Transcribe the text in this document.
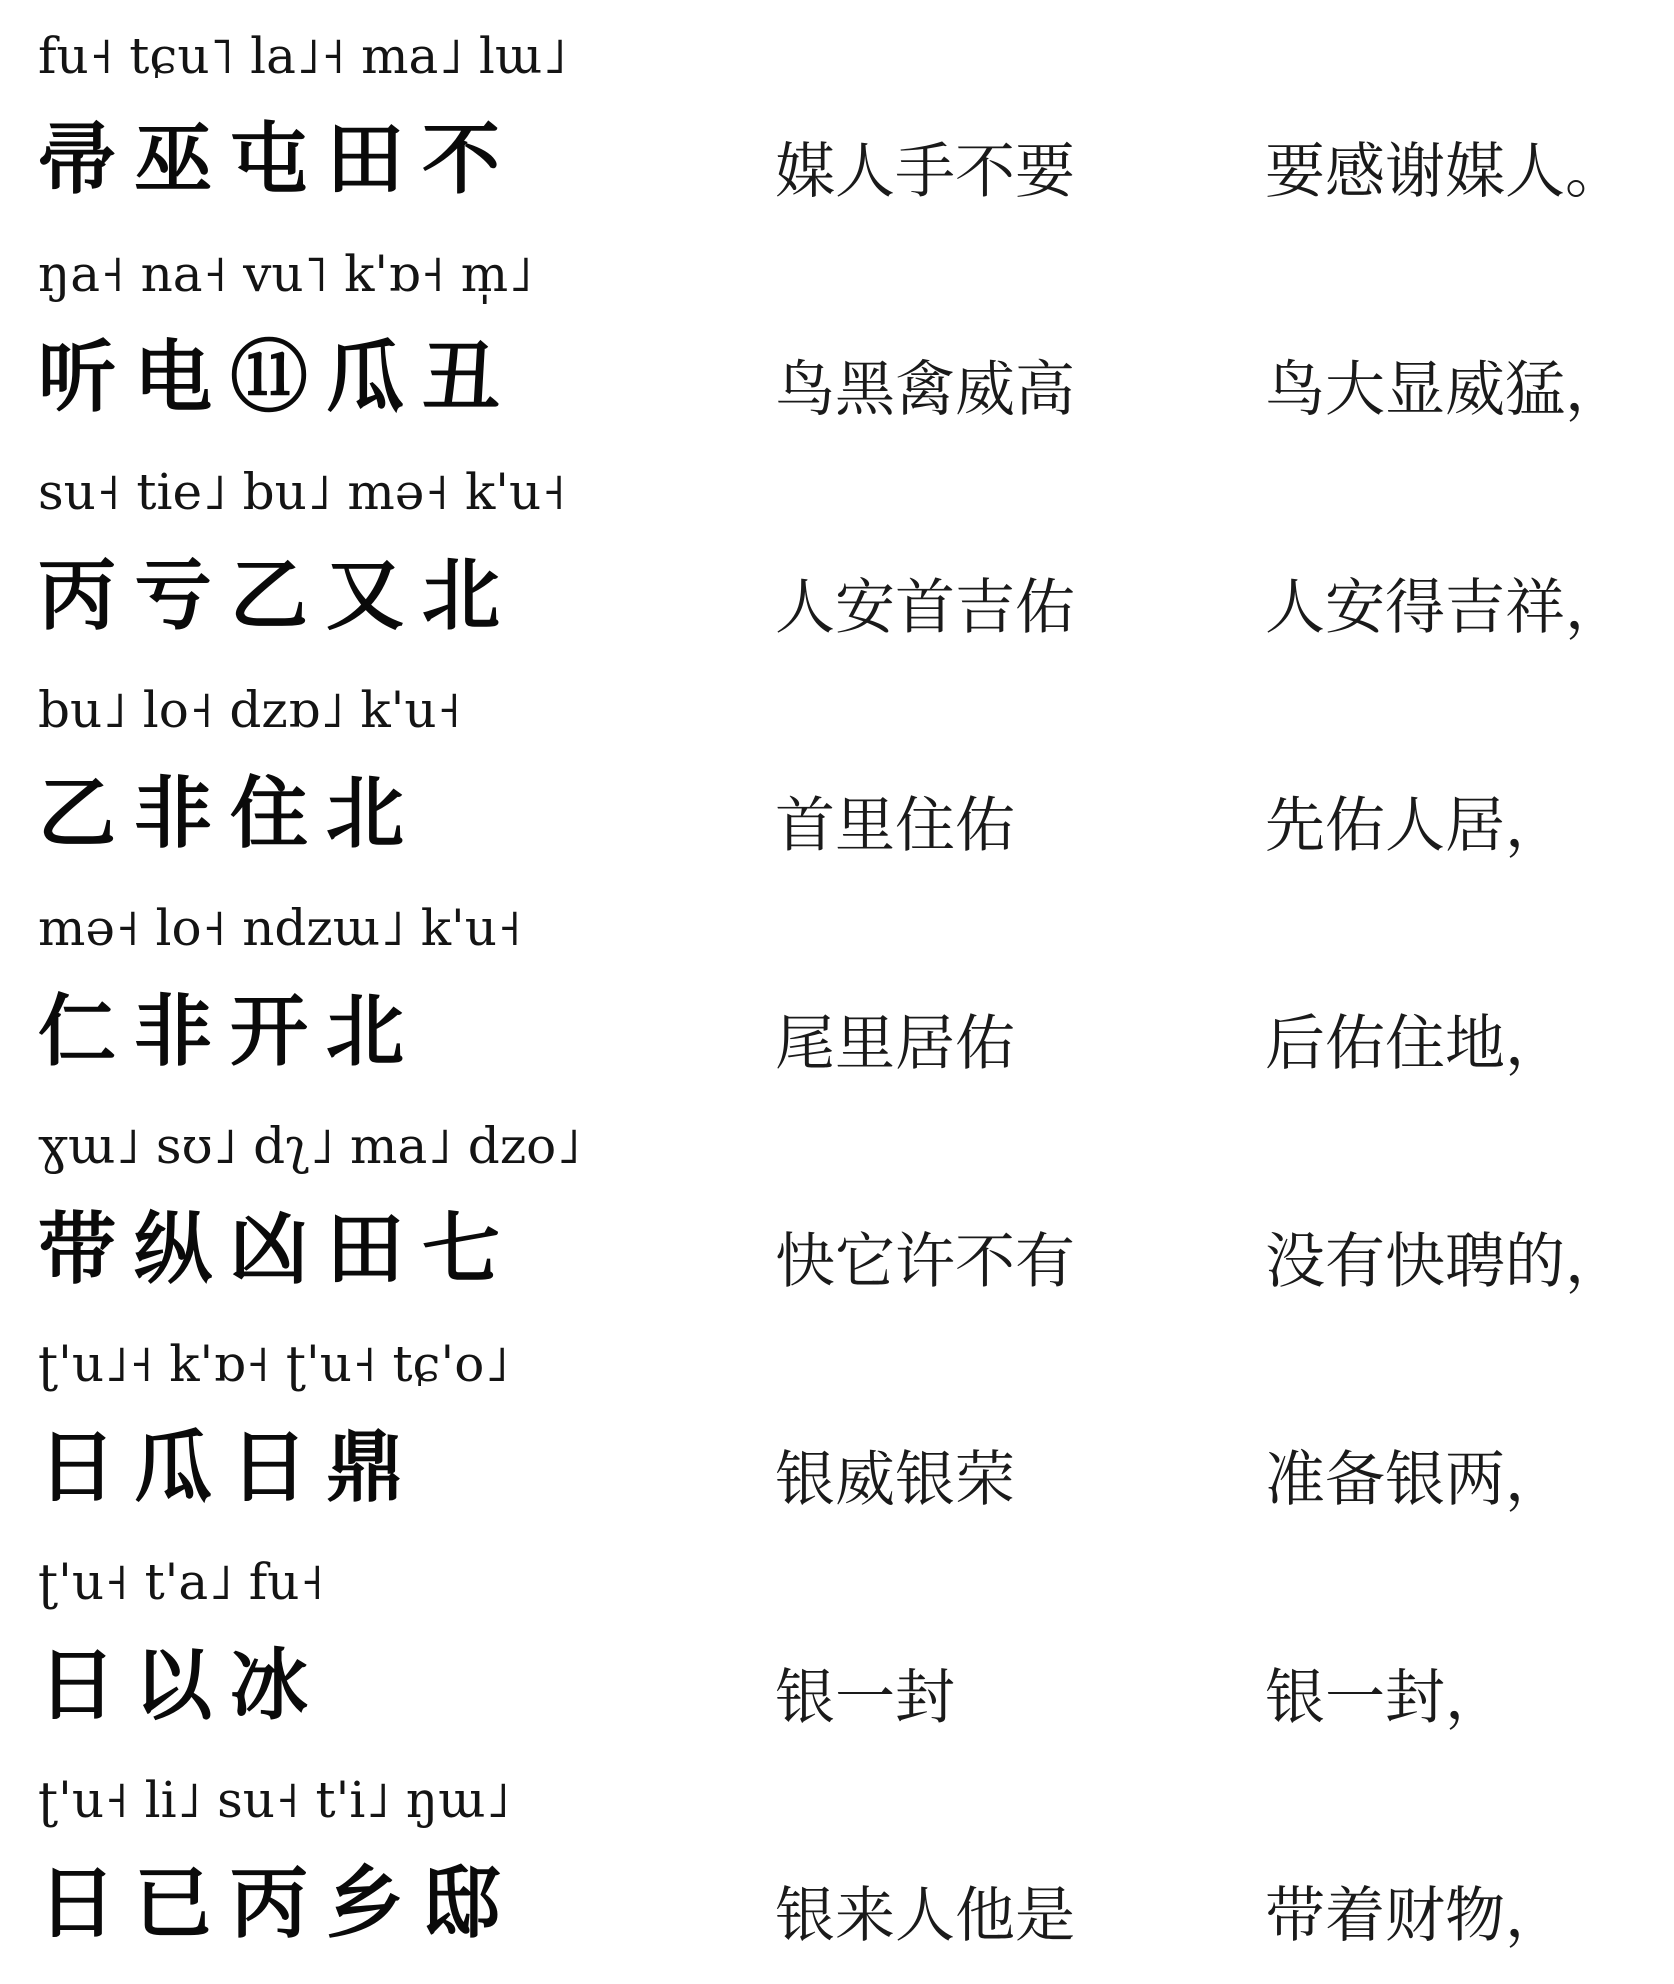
fu˧ tɕu˥ la˩˧ ma˩ lɯ˩
帚巫屯田不	媒人手不要	要感谢媒人。
ŋa˧ na˧ vu˥ k'ɒ˧ m̩˩
听电⑪瓜丑	鸟黑禽威高	鸟大显威猛，
su˧ tie˩ bu˩ mə˧ k'u˧
丙亏乙又北	人安首吉佑	人安得吉祥，
bu˩ lo˧ dzɒ˩ k'u˧
乙非住北	首里住佑	先佑人居，
mə˧ lo˧ ndzɯ˩ k'u˧
仁非开北	尾里居佑	后佑住地，
ɣɯ˩ sʊ˩ dʅ˩ ma˩ dzo˩
带纵凶田七	快它许不有	没有快聘的，
ʈ'u˩˧ k'ɒ˧ ʈ'u˧ tɕ'o˩
日瓜日鼎	银威银荣	准备银两，
ʈ'u˧ t'a˩ fu˧
日以冰	银一封	银一封，
ʈ'u˧ li˩ su˧ t'i˩ ŋɯ˩
日已丙乡邸	银来人他是	带着财物，
